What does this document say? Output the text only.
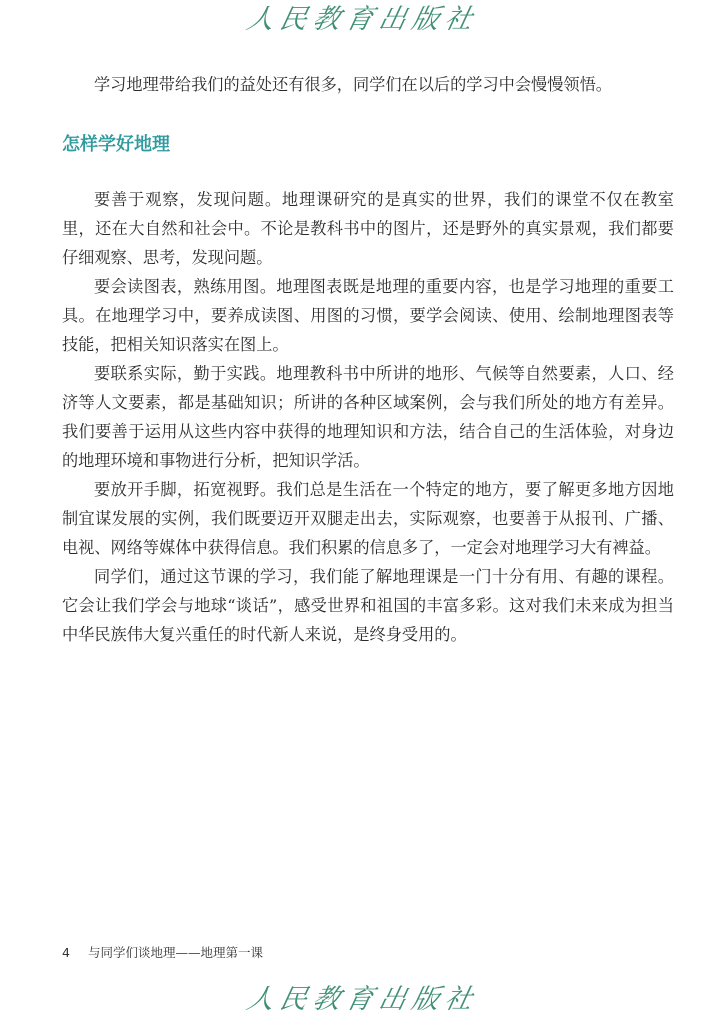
人民教育出版社

学习地理带给我们的益处还有很多，同学们在以后的学习中会慢慢领悟。

怎样学好地理

要善于观察，发现问题。地理课研究的是真实的世界，我们的课堂不仅在教室里，还在大自然和社会中。不论是教科书中的图片，还是野外的真实景观，我们都要仔细观察、思考，发现问题。

要会读图表，熟练用图。地理图表既是地理的重要内容，也是学习地理的重要工具。在地理学习中，要养成读图、用图的习惯，要学会阅读、使用、绘制地理图表等技能，把相关知识落实在图上。

要联系实际，勤于实践。地理教科书中所讲的地形、气候等自然要素，人口、经济等人文要素，都是基础知识；所讲的各种区域案例，会与我们所处的地方有差异。我们要善于运用从这些内容中获得的地理知识和方法，结合自己的生活体验，对身边的地理环境和事物进行分析，把知识学活。

要放开手脚，拓宽视野。我们总是生活在一个特定的地方，要了解更多地方因地制宜谋发展的实例，我们既要迈开双腿走出去，实际观察，也要善于从报刊、广播、电视、网络等媒体中获得信息。我们积累的信息多了，一定会对地理学习大有裨益。

同学们，通过这节课的学习，我们能了解地理课是一门十分有用、有趣的课程。它会让我们学会与地球“谈话”，感受世界和祖国的丰富多彩。这对我们未来成为担当中华民族伟大复兴重任的时代新人来说，是终身受用的。

4 与同学们谈地理——地理第一课
人民教育出版社
